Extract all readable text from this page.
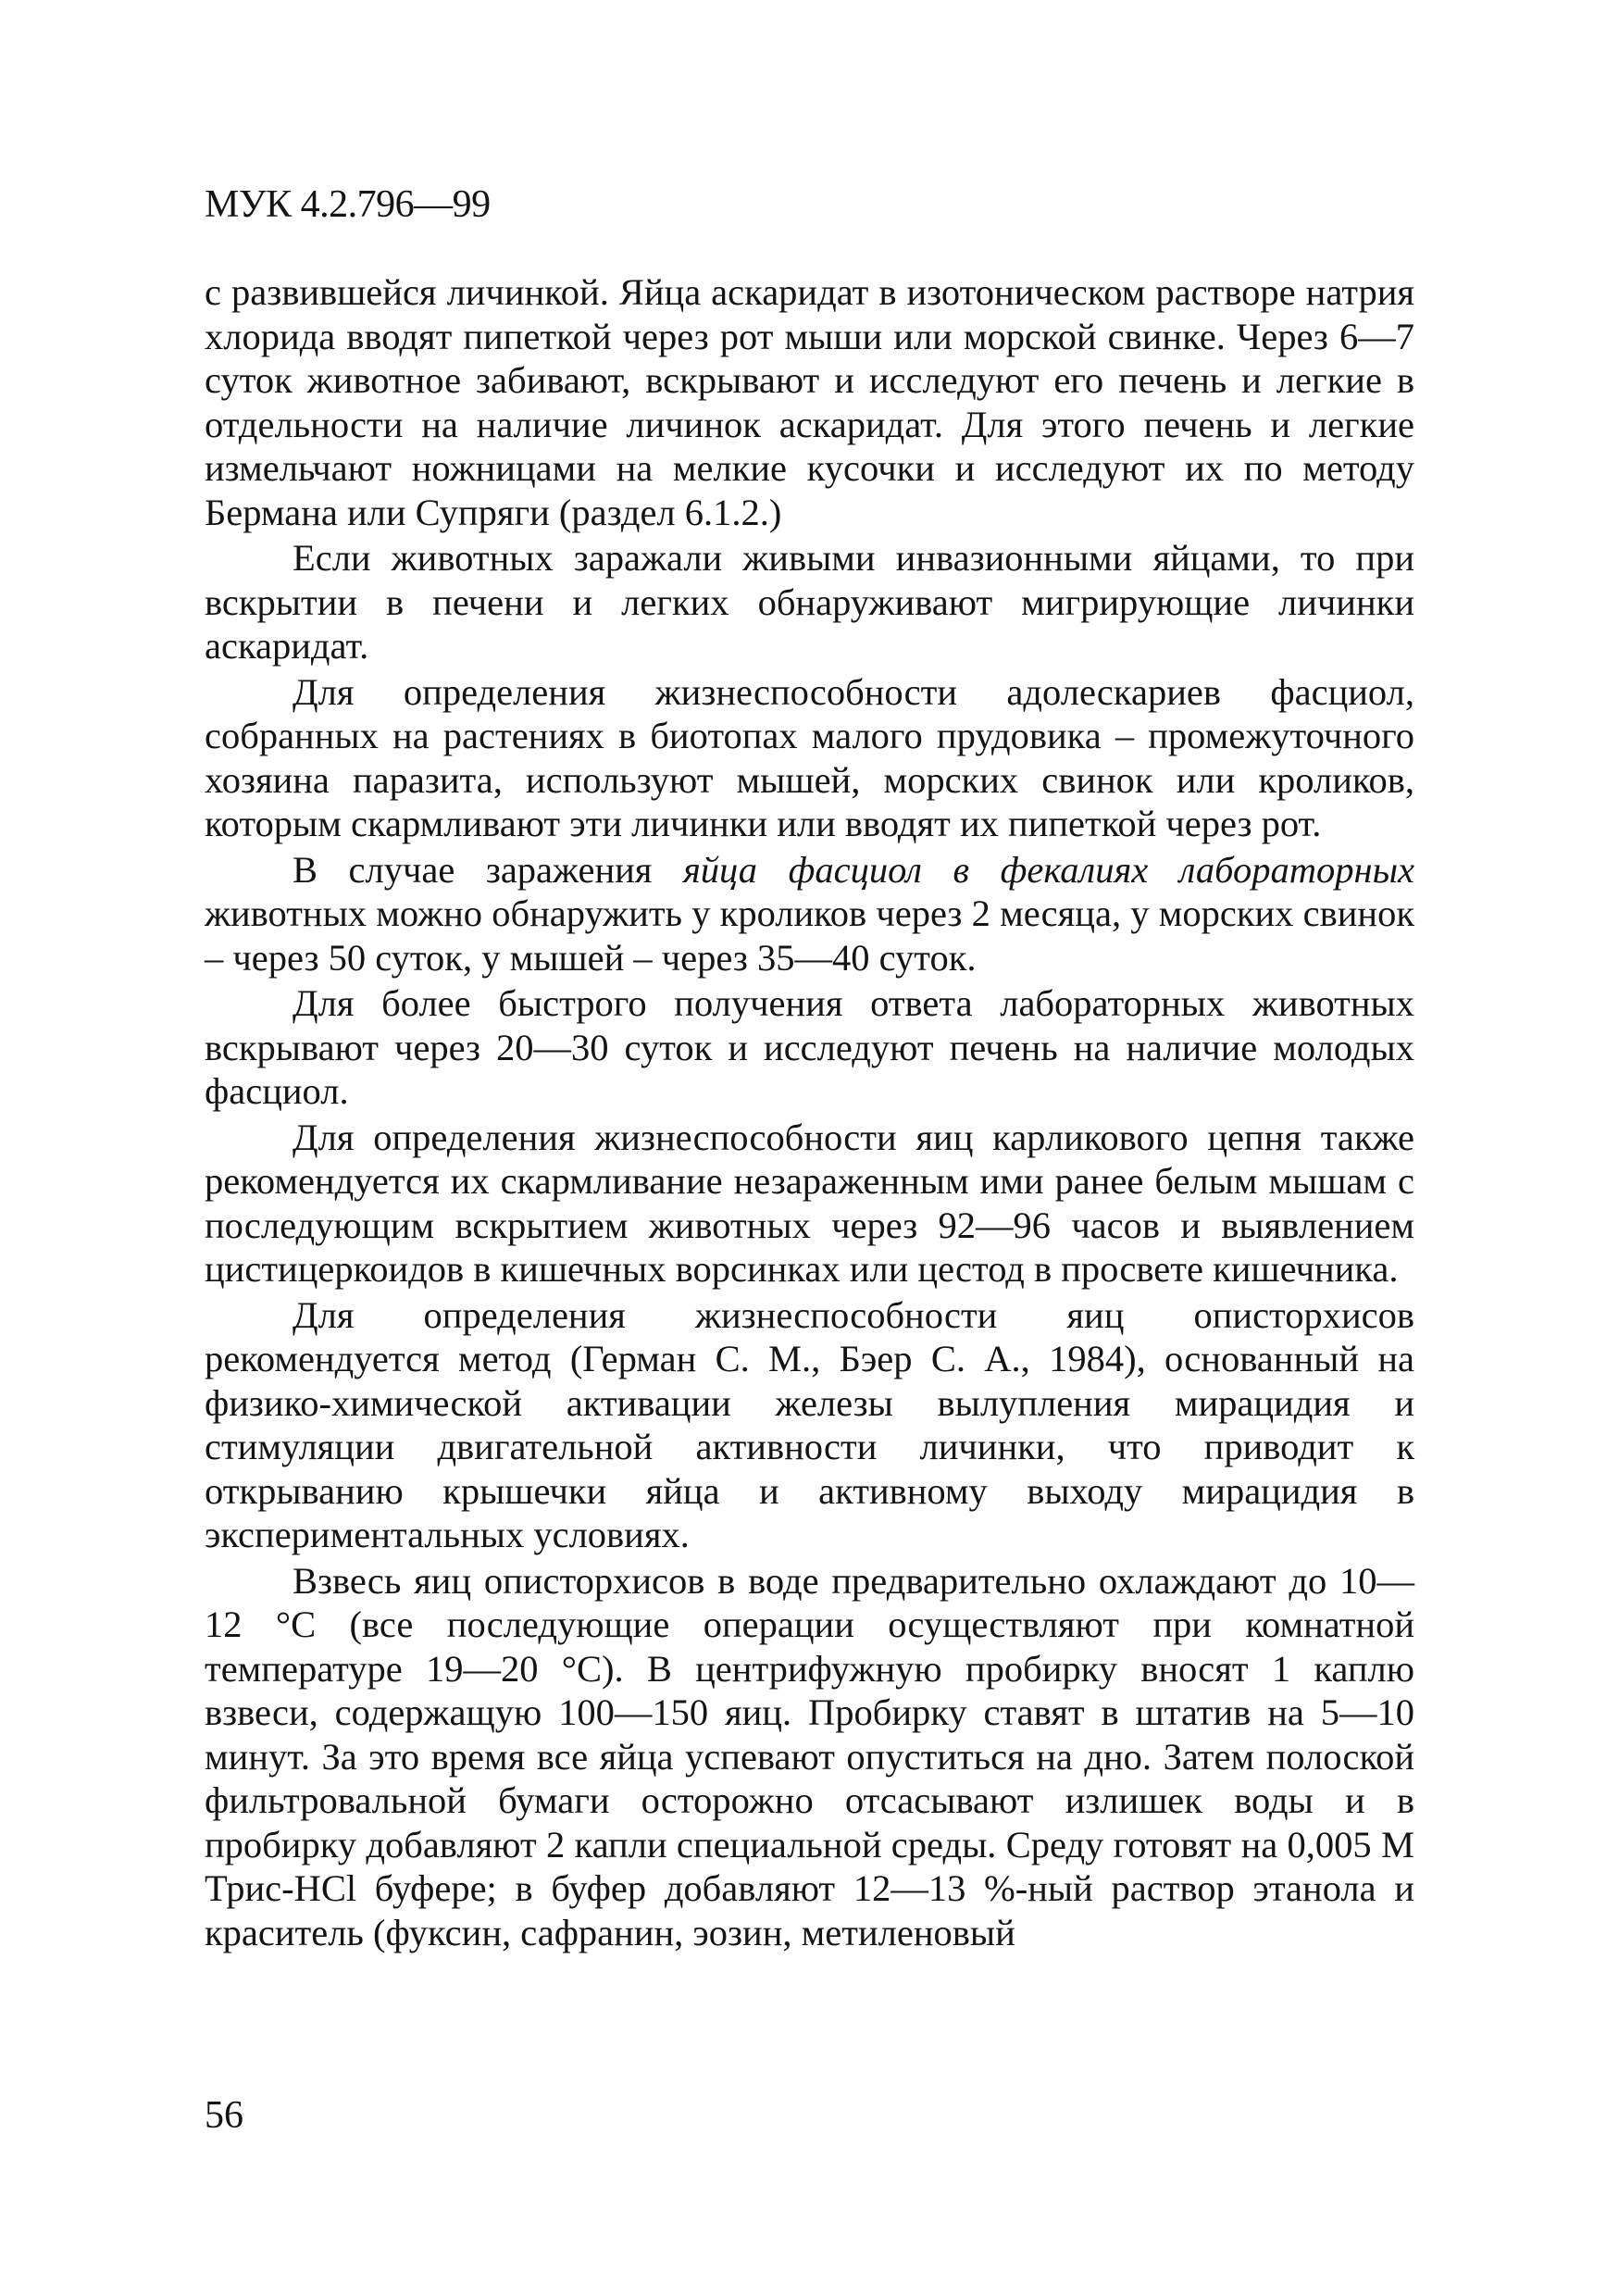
МУК 4.2.796—99

с развившейся личинкой. Яйца аскаридат в изотоническом растворе натрия хлорида вводят пипеткой через рот мыши или морской свинке. Через 6—7 суток животное забивают, вскрывают и исследуют его печень и легкие в отдельности на наличие личинок аскаридат. Для этого печень и легкие измельчают ножницами на мелкие кусочки и исследуют их по методу Бермана или Супряги (раздел 6.1.2.)

Если животных заражали живыми инвазионными яйцами, то при вскрытии в печени и легких обнаруживают мигрирующие личинки аскаридат.

Для определения жизнеспособности адолескариев фасциол, собранных на растениях в биотопах малого прудовика – промежуточного хозяина паразита, используют мышей, морских свинок или кроликов, которым скармливают эти личинки или вводят их пипеткой через рот.

В случае заражения яйца фасциол в фекалиях лабораторных животных можно обнаружить у кроликов через 2 месяца, у морских свинок – через 50 суток, у мышей – через 35—40 суток.

Для более быстрого получения ответа лабораторных животных вскрывают через 20—30 суток и исследуют печень на наличие молодых фасциол.

Для определения жизнеспособности яиц карликового цепня также рекомендуется их скармливание незараженным ими ранее белым мышам с последующим вскрытием животных через 92—96 часов и выявлением цистицеркоидов в кишечных ворсинках или цестод в просвете кишечника.

Для определения жизнеспособности яиц описторхисов рекомендуется метод (Герман С. М., Бэер С. А., 1984), основанный на физико-химической активации железы вылупления мирацидия и стимуляции двигательной активности личинки, что приводит к открыванию крышечки яйца и активному выходу мирацидия в экспериментальных условиях.

Взвесь яиц описторхисов в воде предварительно охлаждают до 10—12 °С (все последующие операции осуществляют при комнатной температуре 19—20 °С). В центрифужную пробирку вносят 1 каплю взвеси, содержащую 100—150 яиц. Пробирку ставят в штатив на 5—10 минут. За это время все яйца успевают опуститься на дно. Затем полоской фильтровальной бумаги осторожно отсасывают излишек воды и в пробирку добавляют 2 капли специальной среды. Среду готовят на 0,005 М Трис-HCl буфере; в буфер добавляют 12—13 %-ный раствор этанола и краситель (фуксин, сафранин, эозин, метиленовый

56
